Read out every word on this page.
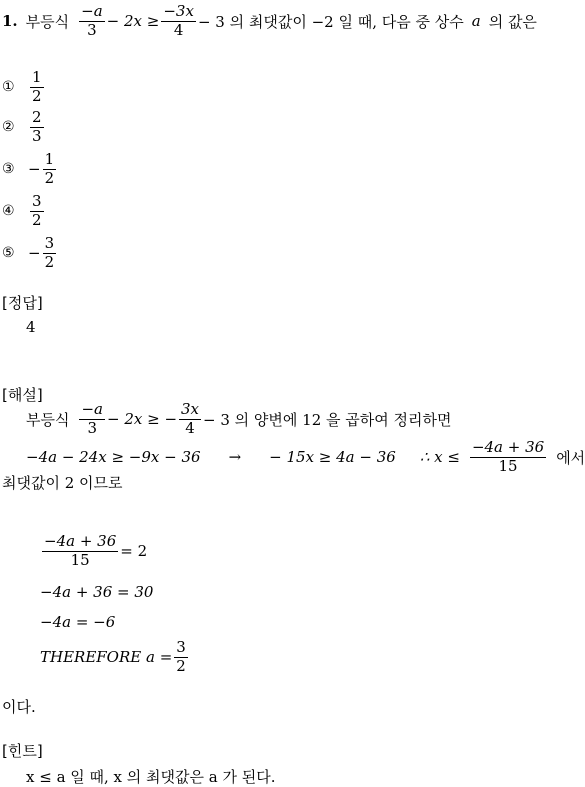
1. 부등식 $\frac{-a}{3} - 2x \ge \frac{-3x}{4} - 3$ 의 최댓값이 −2 일 때, 다음 중 상수 a 의 값은
①	$\frac{1}{2}$
②	$\frac{2}{3}$
③ − $\frac{1}{2}$
④	$\frac{3}{2}$
⑤ − $\frac{3}{2}$
[정답]
4
[해설]
부등식 $\frac{-a}{3} - 2x$ ≥ − $\frac{3x}{4} - 3$ 의 양변에 12 을 곱하여 정리하면
−4a − 24x ≥ −9x − 36 → − 15x ≥ 4a − 36 ∴ $x \le \frac{-4a + 36}{15}$ 에서
최댓값이 2 이므로
$\frac{-4a + 36}{15} = 2$
−4a + 36 = 30
−4a = −6
THEREFORE $a = \frac{3}{2}$
이다.
[힌트]
x ≤ a 일 때, x 의 최댓값은 a 가 된다.
